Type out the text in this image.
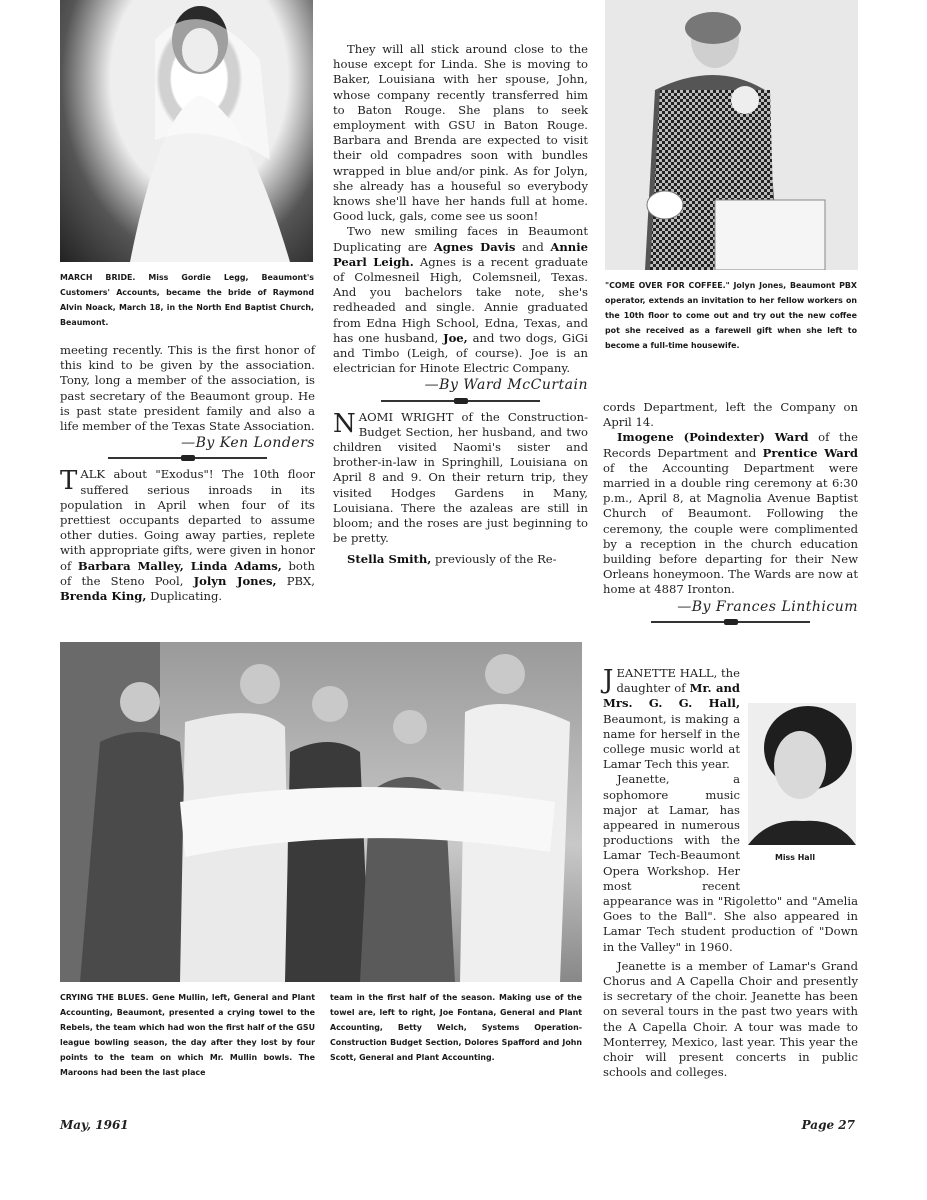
MARCH BRIDE. Miss Gordie Legg, Beaumont's Customers' Accounts, became the bride of Raymond Alvin Noack, March 18, in the North End Baptist Church, Beaumont.
"COME OVER FOR COFFEE." Jolyn Jones, Beaumont PBX operator, extends an invitation to her fellow workers on the 10th floor to come out and try out the new coffee pot she received as a farewell gift when she left to become a full-time housewife.
CRYING THE BLUES. Gene Mullin, left, General and Plant Accounting, Beaumont, presented a crying towel to the Rebels, the team which had won the first half of the GSU league bowling season, the day after they lost by four points to the team on which Mr. Mullin bowls. The Maroons had been the last place
team in the first half of the season. Making use of the towel are, left to right, Joe Fontana, General and Plant Accounting, Betty Welch, Systems Operation-Construction Budget Section, Dolores Spafford and John Scott, General and Plant Accounting.
Miss Hall

meeting recently. This is the first honor of this kind to be given by the association. Tony, long a member of the association, is past secretary of the Beaumont group. He is past state president family and also a life member of the Texas State Association.

—By Ken Londers

TALK about "Exodus"! The 10th floor suffered serious inroads in its population in April when four of its prettiest occupants departed to assume other duties. Going away parties, replete with appropriate gifts, were given in honor of Barbara Malley, Linda Adams, both of the Steno Pool, Jolyn Jones, PBX, Brenda King, Duplicating.

They will all stick around close to the house except for Linda. She is moving to Baker, Louisiana with her spouse, John, whose company recently transferred him to Baton Rouge. She plans to seek employment with GSU in Baton Rouge. Barbara and Brenda are expected to visit their old compadres soon with bundles wrapped in blue and/or pink. As for Jolyn, she already has a houseful so everybody knows she'll have her hands full at home. Good luck, gals, come see us soon!

Two new smiling faces in Beaumont Duplicating are Agnes Davis and Annie Pearl Leigh. Agnes is a recent graduate of Colmesneil High, Colemsneil, Texas. And you bachelors take note, she's redheaded and single. Annie graduated from Edna High School, Edna, Texas, and has one husband, Joe, and two dogs, GiGi and Timbo (Leigh, of course). Joe is an electrician for Hinote Electric Company.

—By Ward McCurtain

NAOMI WRIGHT of the Construction-Budget Section, her husband, and two children visited Naomi's sister and brother-in-law in Springhill, Louisiana on April 8 and 9. On their return trip, they visited Hodges Gardens in Many, Louisiana. There the azaleas are still in bloom; and the roses are just beginning to be pretty.

Stella Smith, previously of the Re-

cords Department, left the Company on April 14.

Imogene (Poindexter) Ward of the Records Department and Prentice Ward of the Accounting Department were married in a double ring ceremony at 6:30 p.m., April 8, at Magnolia Avenue Baptist Church of Beaumont. Following the ceremony, the couple were complimented by a reception in the church education building before departing for their New Orleans honeymoon. The Wards are now at home at 4887 Ironton.

—By Frances Linthicum

JEANETTE HALL, the daughter of Mr. and Mrs. G. G. Hall, Beaumont, is making a name for herself in the college music world at Lamar Tech this year.

Jeanette, a sophomore music major at Lamar, has appeared in numerous productions with the Lamar Tech-Beaumont Opera Workshop. Her most recent appearance was in "Rigoletto" and "Amelia Goes to the Ball". She also appeared in Lamar Tech student production of "Down in the Valley" in 1960.

Jeanette is a member of Lamar's Grand Chorus and A Capella Choir and presently is secretary of the choir. Jeanette has been on several tours in the past two years with the A Capella Choir. A tour was made to Monterrey, Mexico, last year. This year the choir will present concerts in public schools and colleges.

May, 1961	Page 27
